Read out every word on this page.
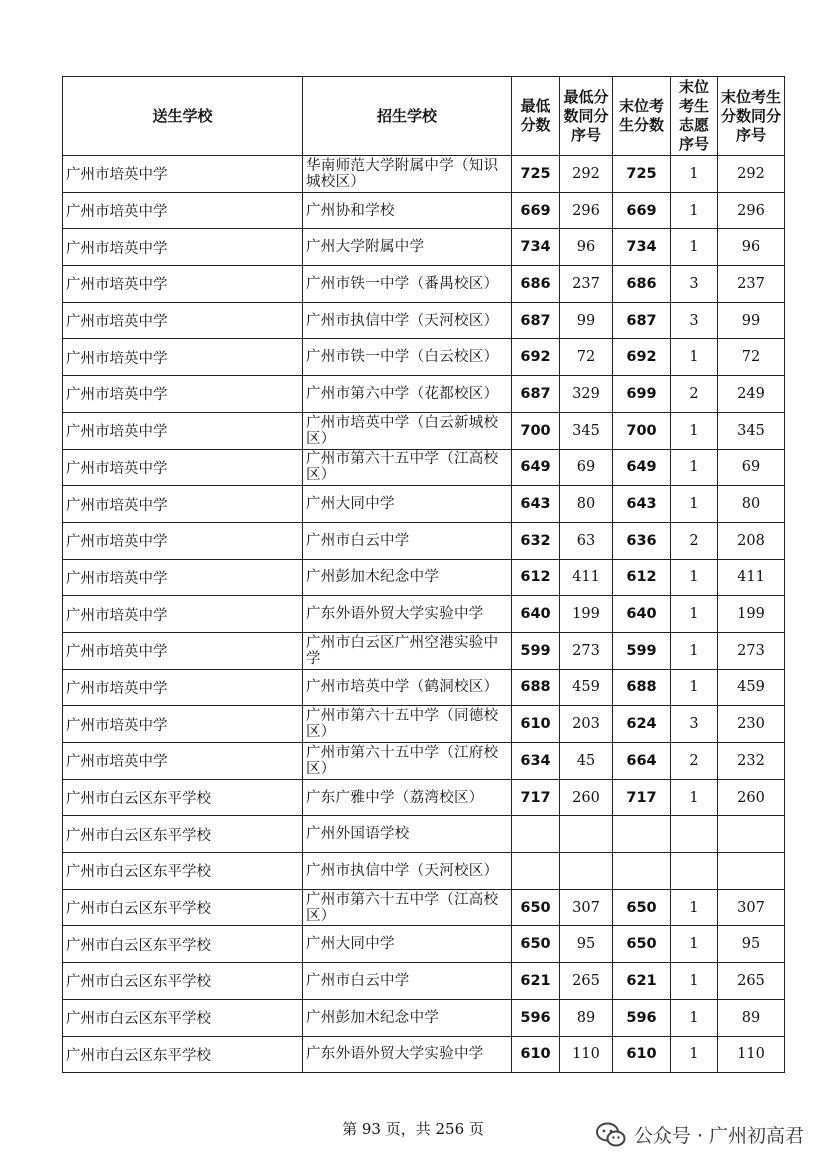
送生学校	招生学校	最低分数	最低分数同分序号	末位考生分数	末位考生志愿序号	末位考生分数同分序号
广州市培英中学	华南师范大学附属中学（知识城校区）	725	292	725	1	292
广州市培英中学	广州协和学校	669	296	669	1	296
广州市培英中学	广州大学附属中学	734	96	734	1	96
广州市培英中学	广州市铁一中学（番禺校区）	686	237	686	3	237
广州市培英中学	广州市执信中学（天河校区）	687	99	687	3	99
广州市培英中学	广州市铁一中学（白云校区）	692	72	692	1	72
广州市培英中学	广州市第六中学（花都校区）	687	329	699	2	249
广州市培英中学	广州市培英中学（白云新城校区）	700	345	700	1	345
广州市培英中学	广州市第六十五中学（江高校区）	649	69	649	1	69
广州市培英中学	广州大同中学	643	80	643	1	80
广州市培英中学	广州市白云中学	632	63	636	2	208
广州市培英中学	广州彭加木纪念中学	612	411	612	1	411
广州市培英中学	广东外语外贸大学实验中学	640	199	640	1	199
广州市培英中学	广州市白云区广州空港实验中学	599	273	599	1	273
广州市培英中学	广州市培英中学（鹤洞校区）	688	459	688	1	459
广州市培英中学	广州市第六十五中学（同德校区）	610	203	624	3	230
广州市培英中学	广州市第六十五中学（江府校区）	634	45	664	2	232
广州市白云区东平学校	广东广雅中学（荔湾校区）	717	260	717	1	260
广州市白云区东平学校	广州外国语学校					
广州市白云区东平学校	广州市执信中学（天河校区）					
广州市白云区东平学校	广州市第六十五中学（江高校区）	650	307	650	1	307
广州市白云区东平学校	广州大同中学	650	95	650	1	95
广州市白云区东平学校	广州市白云中学	621	265	621	1	265
广州市白云区东平学校	广州彭加木纪念中学	596	89	596	1	89
广州市白云区东平学校	广东外语外贸大学实验中学	610	110	610	1	110
第 93 页，共 256 页	公众号 · 广州初高君
